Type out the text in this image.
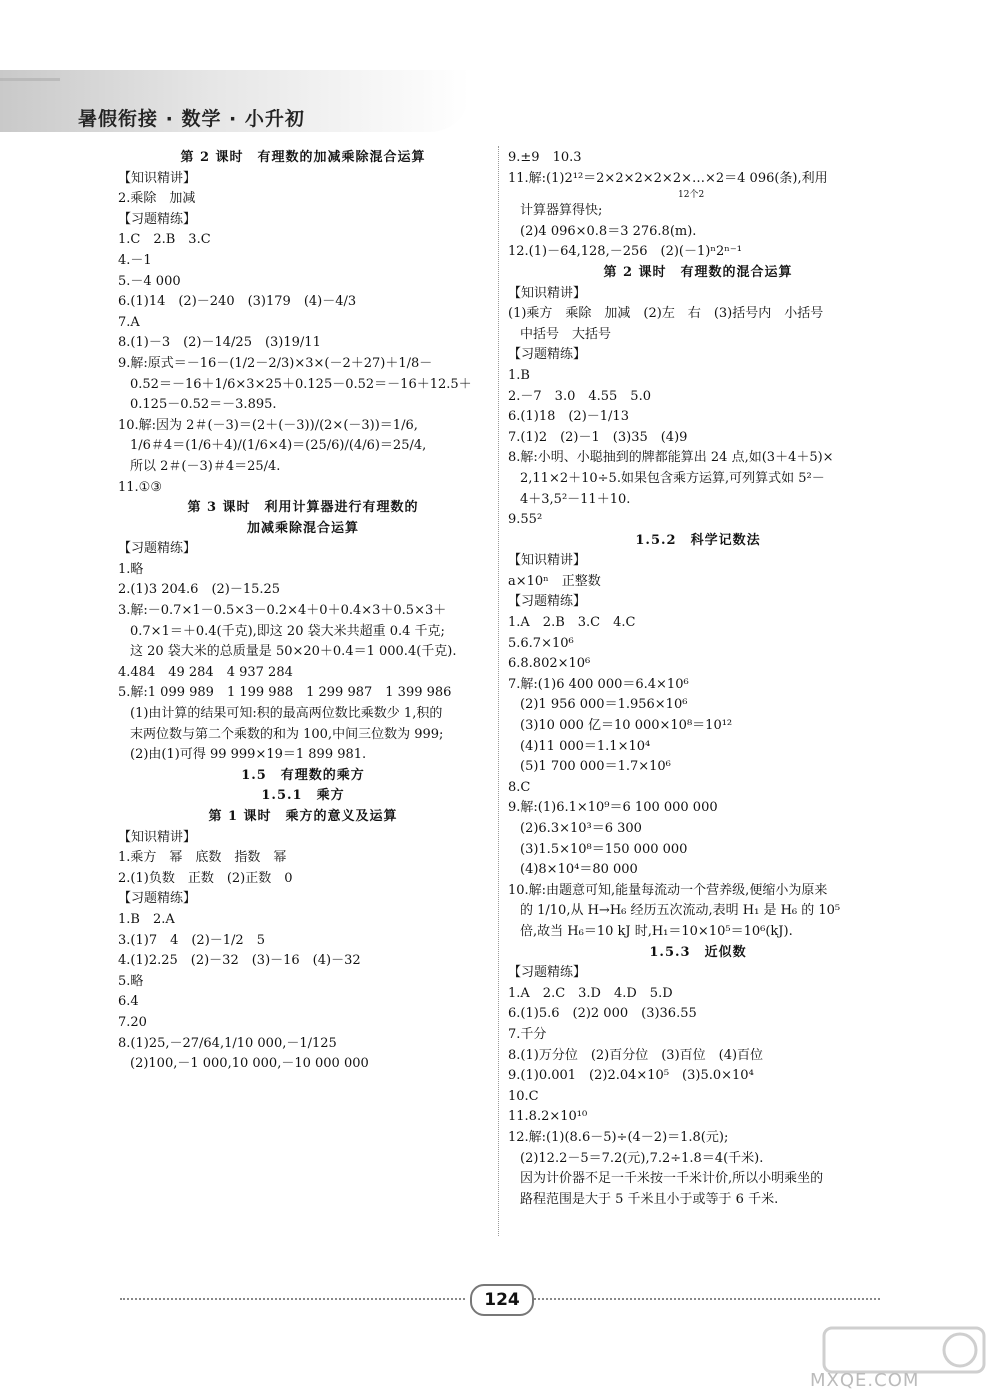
暑假衔接 · 数学 · 小升初
第 2 课时　有理数的加减乘除混合运算
【知识精讲】
2.乘除　加减
【习题精练】
1.C　2.B　3.C
4.－1
5.－4 000
6.(1)14　(2)－240　(3)179　(4)－4/3
7.A
8.(1)－3　(2)－14/25　(3)19/11
9.解:原式＝－16－(1/2－2/3)×3×(－2＋27)＋1/8－
0.52＝－16＋1/6×3×25＋0.125－0.52＝－16＋12.5＋
0.125－0.52＝－3.895.
10.解:因为 2＃(－3)＝(2＋(－3))/(2×(－3))＝1/6,
1/6＃4＝(1/6＋4)/(1/6×4)＝(25/6)/(4/6)＝25/4,
所以 2＃(－3)＃4＝25/4.
11.①③
第 3 课时　利用计算器进行有理数的
加减乘除混合运算
【习题精练】
1.略
2.(1)3 204.6　(2)－15.25
3.解:－0.7×1－0.5×3－0.2×4＋0＋0.4×3＋0.5×3＋
0.7×1＝＋0.4(千克),即这 20 袋大米共超重 0.4 千克;
这 20 袋大米的总质量是 50×20＋0.4＝1 000.4(千克).
4.484　49 284　4 937 284
5.解:1 099 989　1 199 988　1 299 987　1 399 986
(1)由计算的结果可知:积的最高两位数比乘数少 1,积的
末两位数与第二个乘数的和为 100,中间三位数为 999;
(2)由(1)可得 99 999×19＝1 899 981.
1.5　有理数的乘方
1.5.1　乘方
第 1 课时　乘方的意义及运算
【知识精讲】
1.乘方　幂　底数　指数　幂
2.(1)负数　正数　(2)正数　0
【习题精练】
1.B　2.A
3.(1)7　4　(2)－1/2　5
4.(1)2.25　(2)－32　(3)－16　(4)－32
5.略
6.4
7.20
8.(1)25,－27/64,1/10 000,－1/125
(2)100,－1 000,10 000,－10 000 000
9.±9　10.3
11.解:(1)2¹²＝2×2×2×2×2×…×2＝4 096(条),利用
12个2
计算器算得快;
(2)4 096×0.8＝3 276.8(m).
12.(1)－64,128,－256　(2)(－1)ⁿ2ⁿ⁻¹
第 2 课时　有理数的混合运算
【知识精讲】
(1)乘方　乘除　加减　(2)左　右　(3)括号内　小括号
中括号　大括号
【习题精练】
1.B
2.－7　3.0　4.55　5.0
6.(1)18　(2)－1/13
7.(1)2　(2)－1　(3)35　(4)9
8.解:小明、小聪抽到的牌都能算出 24 点,如(3＋4＋5)×
2,11×2＋10÷5.如果包含乘方运算,可列算式如 5²－
4＋3,5²－11＋10.
9.55²
1.5.2　科学记数法
【知识精讲】
a×10ⁿ　正整数
【习题精练】
1.A　2.B　3.C　4.C
5.6.7×10⁶
6.8.802×10⁶
7.解:(1)6 400 000＝6.4×10⁶
(2)1 956 000＝1.956×10⁶
(3)10 000 亿＝10 000×10⁸＝10¹²
(4)11 000＝1.1×10⁴
(5)1 700 000＝1.7×10⁶
8.C
9.解:(1)6.1×10⁹＝6 100 000 000
(2)6.3×10³＝6 300
(3)1.5×10⁸＝150 000 000
(4)8×10⁴＝80 000
10.解:由题意可知,能量每流动一个营养级,便缩小为原来
的 1/10,从 H→H₆ 经历五次流动,表明 H₁ 是 H₆ 的 10⁵
倍,故当 H₆＝10 kJ 时,H₁＝10×10⁵＝10⁶(kJ).
1.5.3　近似数
【习题精练】
1.A　2.C　3.D　4.D　5.D
6.(1)5.6　(2)2 000　(3)36.55
7.千分
8.(1)万分位　(2)百分位　(3)百位　(4)百位
9.(1)0.001　(2)2.04×10⁵　(3)5.0×10⁴
10.C
11.8.2×10¹⁰
12.解:(1)(8.6－5)÷(4－2)＝1.8(元);
(2)12.2－5＝7.2(元),7.2÷1.8＝4(千米).
因为计价器不足一千米按一千米计价,所以小明乘坐的
路程范围是大于 5 千米且小于或等于 6 千米.
124
MXQE.COM
